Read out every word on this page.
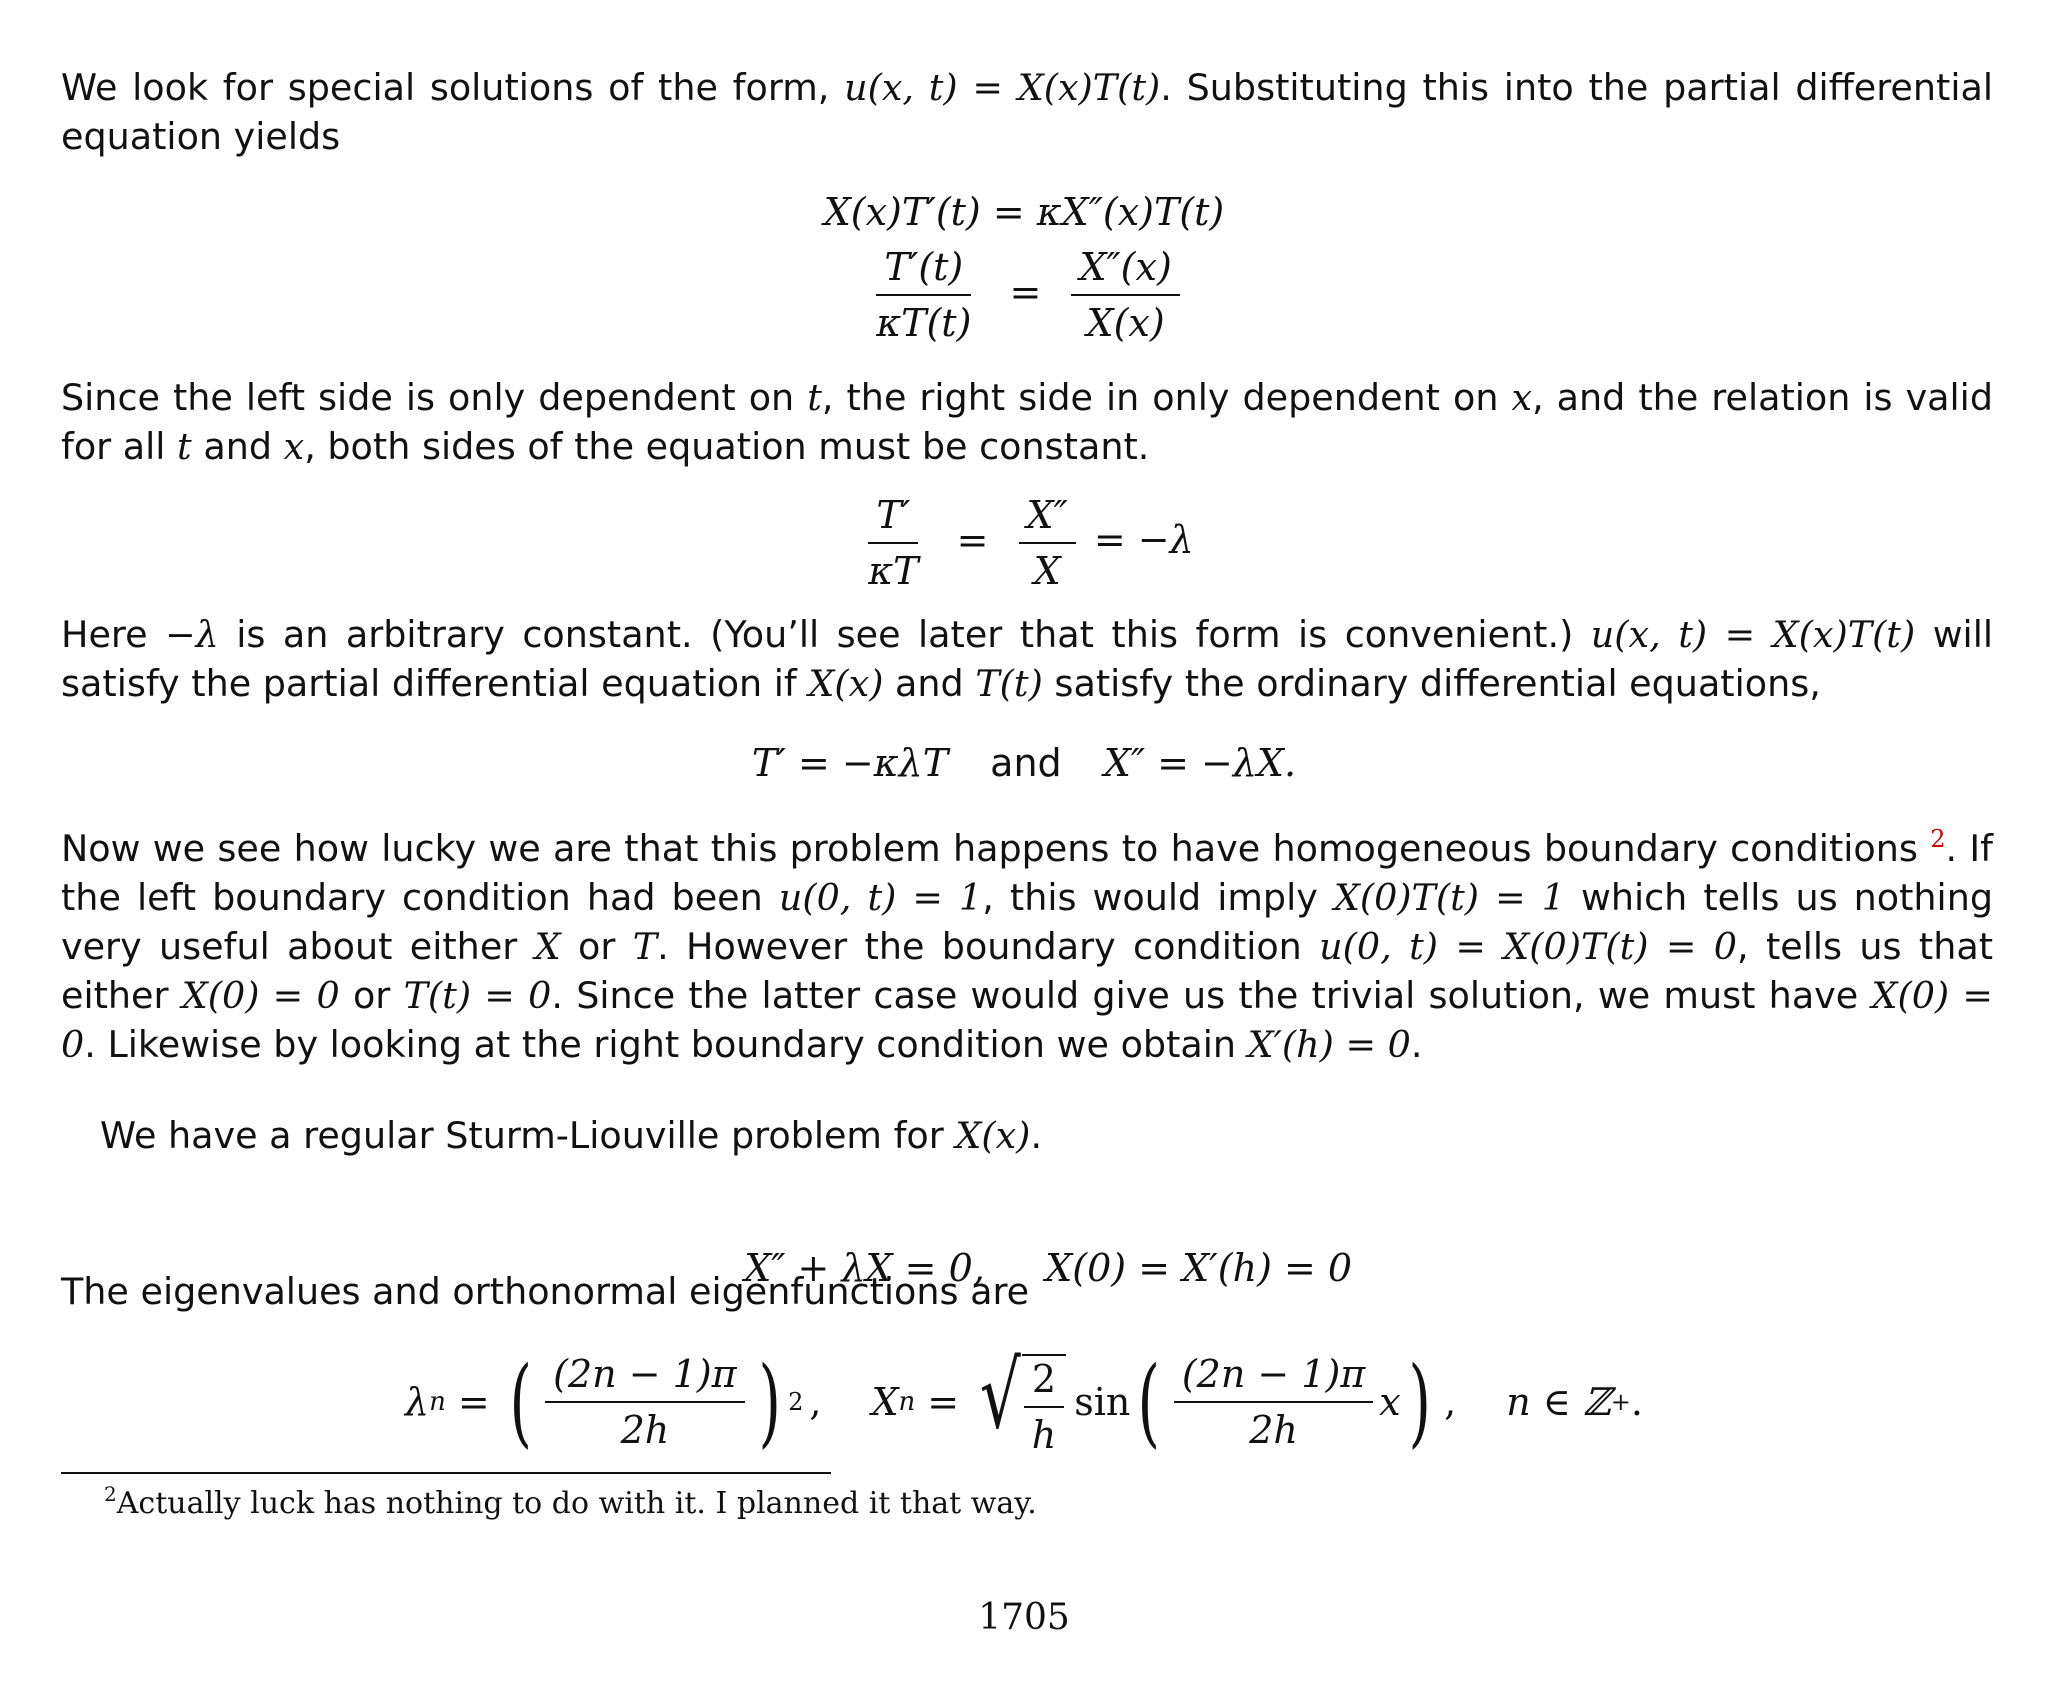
We look for special solutions of the form, u(x, t) = X(x)T(t). Substituting this into the partial differential equation yields

X(x)T′(t) = κX″(x)T(t)
$\frac{T'(t)}{\kappa T(t)} = \frac{X''(x)}{X(x)}$

Since the left side is only dependent on t, the right side in only dependent on x, and the relation is valid for all t and x, both sides of the equation must be constant.

$\frac{T'}{\kappa T} = \frac{X''}{X} = -\lambda$

Here −λ is an arbitrary constant. (You’ll see later that this form is convenient.) u(x, t) = X(x)T(t) will satisfy the partial differential equation if X(x) and T(t) satisfy the ordinary differential equations,

T′ = −κλT and X″ = −λX.

Now we see how lucky we are that this problem happens to have homogeneous boundary conditions $^2$. If the left boundary condition had been u(0, t) = 1, this would imply X(0)T(t) = 1 which tells us nothing very useful about either X or T. However the boundary condition u(0, t) = X(0)T(t) = 0, tells us that either X(0) = 0 or T(t) = 0. Since the latter case would give us the trivial solution, we must have X(0) = 0. Likewise by looking at the right boundary condition we obtain X′(h) = 0.

We have a regular Sturm-Liouville problem for X(x).

X″ + λX = 0,     X(0) = X′(h) = 0

The eigenvalues and orthonormal eigenfunctions are

λ n = ( $\frac{(2n - 1)\pi}{2h}$ ) 2 , X n = √ $\frac{2}{h}$ sin ( $\frac{(2n - 1)\pi}{2h}$ x ) , n ∈ ℤ + .
$^2$Actually luck has nothing to do with it. I planned it that way.
1705
